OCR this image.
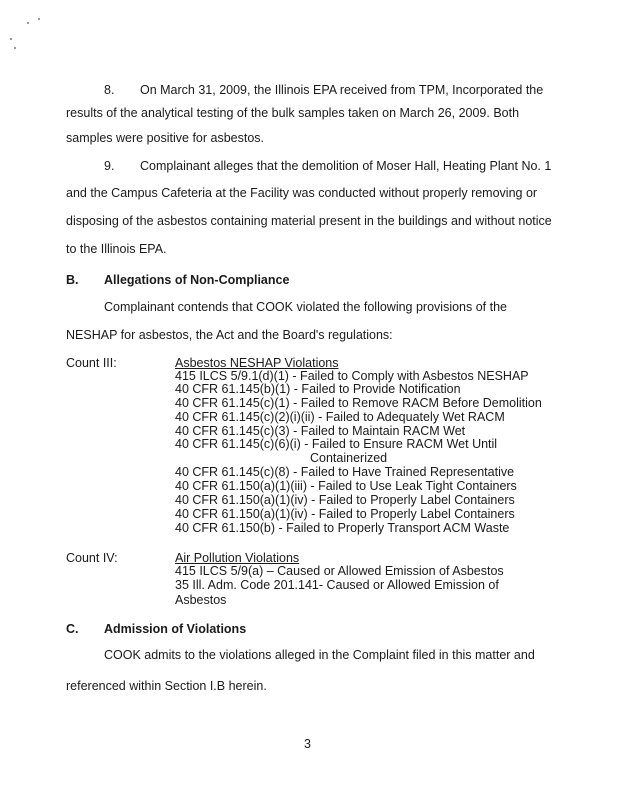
8. On March 31, 2009, the Illinois EPA received from TPM, Incorporated the
results of the analytical testing of the bulk samples taken on March 26, 2009. Both
samples were positive for asbestos.
9. Complainant alleges that the demolition of Moser Hall, Heating Plant No. 1
and the Campus Cafeteria at the Facility was conducted without properly removing or
disposing of the asbestos containing material present in the buildings and without notice
to the Illinois EPA.
B. Allegations of Non-Compliance
Complainant contends that COOK violated the following provisions of the
NESHAP for asbestos, the Act and the Board's regulations:
Count III:	Asbestos NESHAP Violations
415 ILCS 5/9.1(d)(1) - Failed to Comply with Asbestos NESHAP
40 CFR 61.145(b)(1) - Failed to Provide Notification
40 CFR 61.145(c)(1) - Failed to Remove RACM Before Demolition
40 CFR 61.145(c)(2)(i)(ii) - Failed to Adequately Wet RACM
40 CFR 61.145(c)(3) - Failed to Maintain RACM Wet
40 CFR 61.145(c)(6)(i) - Failed to Ensure RACM Wet Until
Containerized
40 CFR 61.145(c)(8) - Failed to Have Trained Representative
40 CFR 61.150(a)(1)(iii) - Failed to Use Leak Tight Containers
40 CFR 61.150(a)(1)(iv) - Failed to Properly Label Containers
40 CFR 61.150(a)(1)(iv) - Failed to Properly Label Containers
40 CFR 61.150(b) - Failed to Properly Transport ACM Waste
Count IV:	Air Pollution Violations
415 ILCS 5/9(a) – Caused or Allowed Emission of Asbestos
35 Ill. Adm. Code 201.141- Caused or Allowed Emission of
Asbestos
C. Admission of Violations
COOK admits to the violations alleged in the Complaint filed in this matter and
referenced within Section I.B herein.
3
